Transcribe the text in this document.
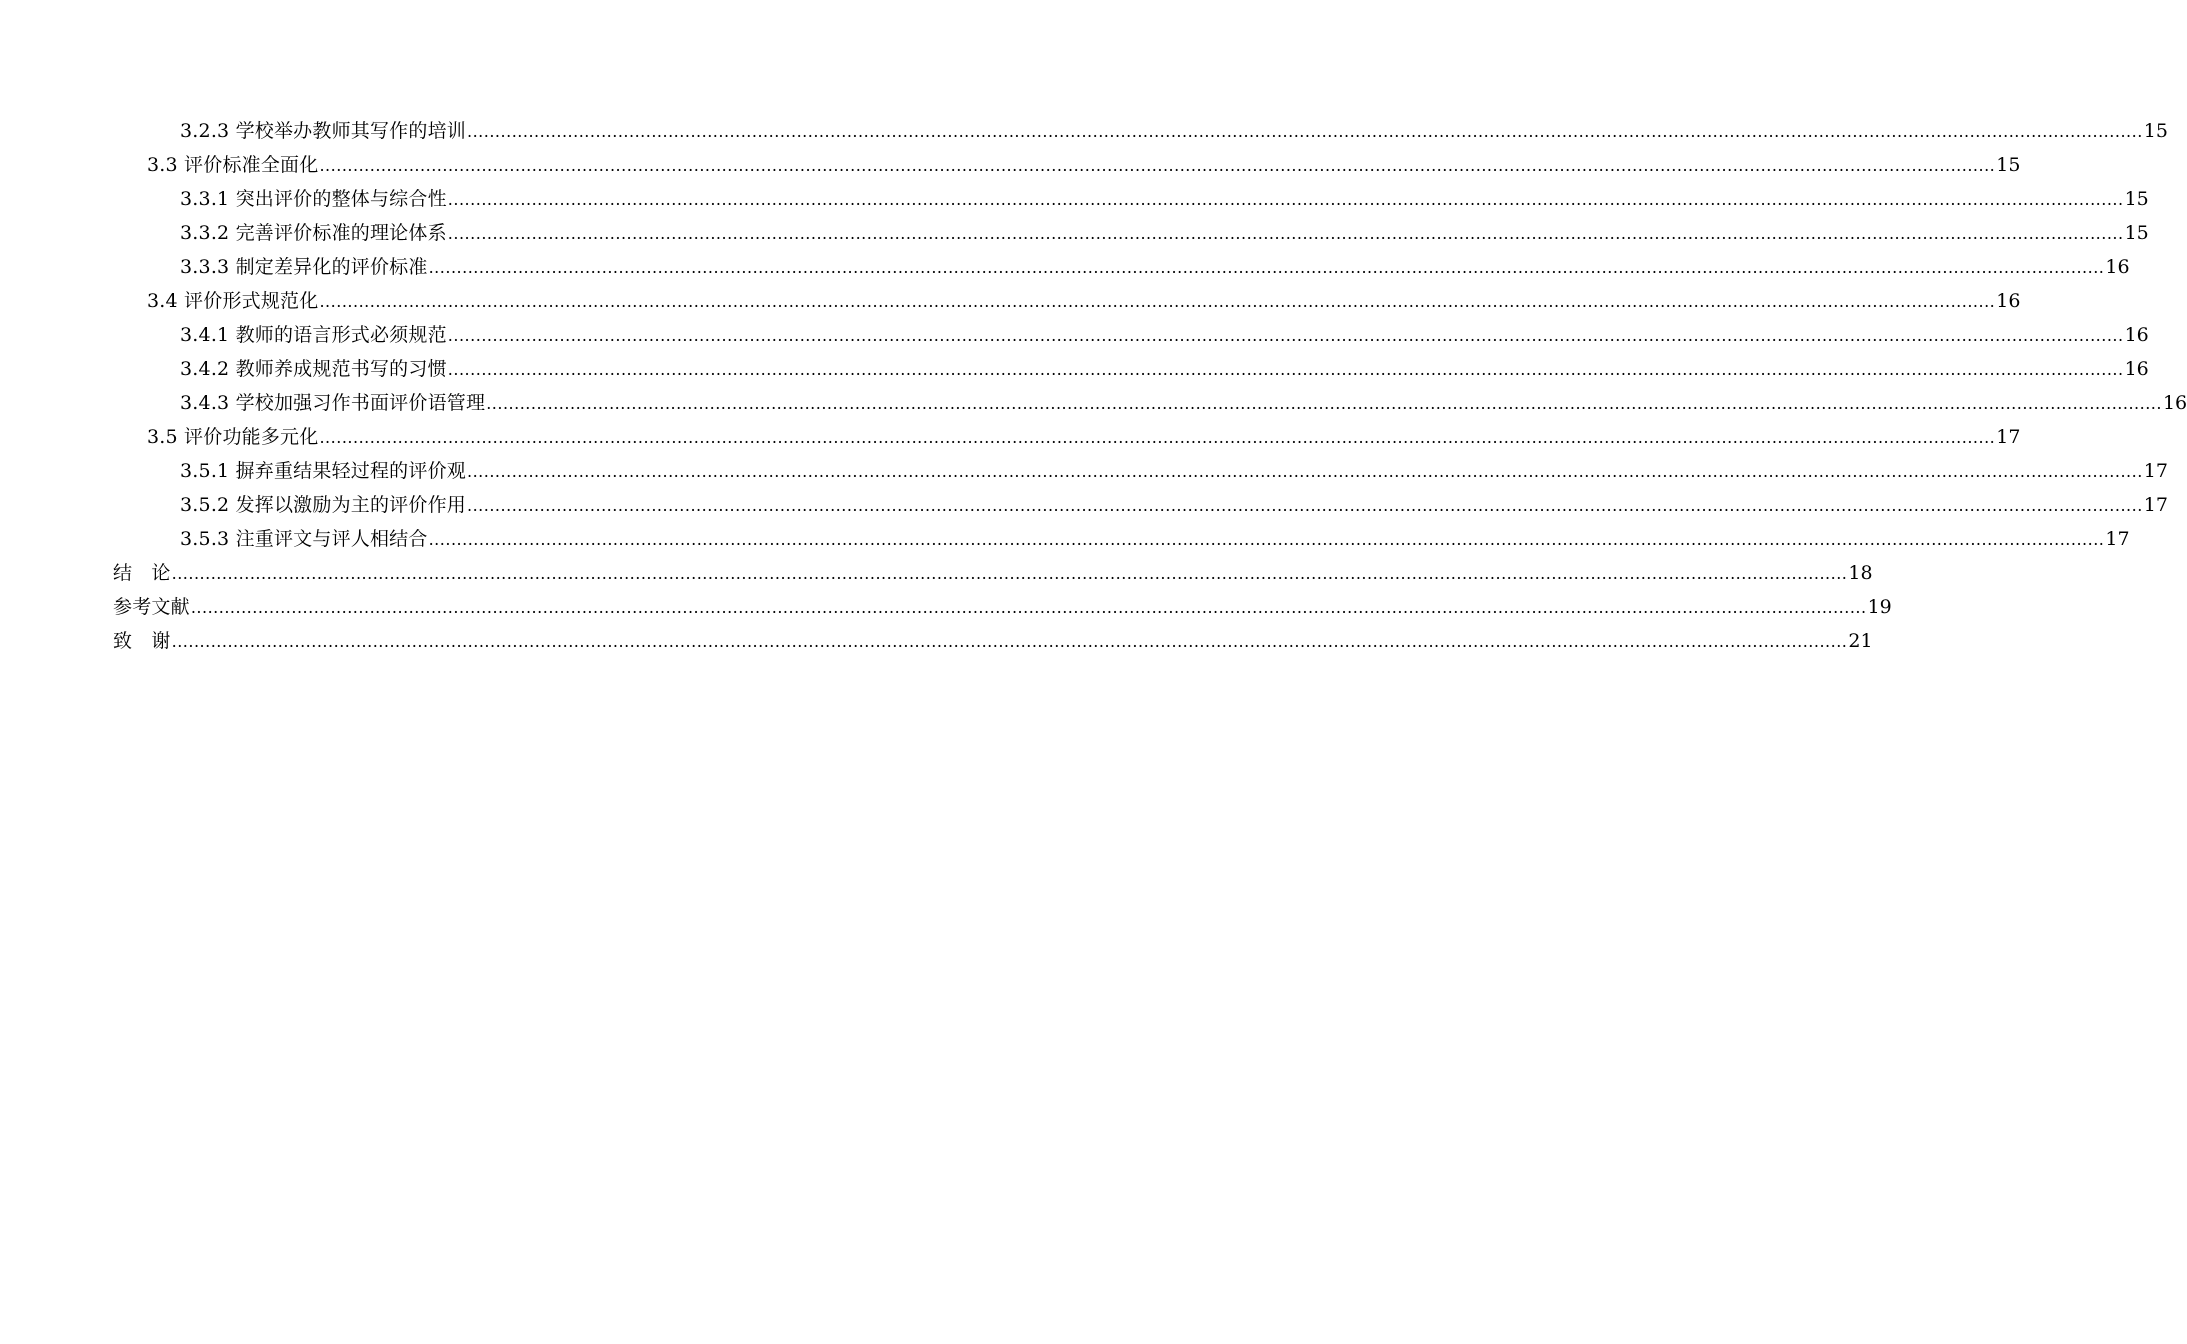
3.2.3 学校举办教师其写作的培训 ............................................................................................................................................................................................................................................................................................................ 15
3.3 评价标准全面化 ............................................................................................................................................................................................................................................................................................................ 15
3.3.1 突出评价的整体与综合性 ............................................................................................................................................................................................................................................................................................................ 15
3.3.2 完善评价标准的理论体系 ............................................................................................................................................................................................................................................................................................................ 15
3.3.3 制定差异化的评价标准 ............................................................................................................................................................................................................................................................................................................ 16
3.4 评价形式规范化 ............................................................................................................................................................................................................................................................................................................ 16
3.4.1 教师的语言形式必须规范 ............................................................................................................................................................................................................................................................................................................ 16
3.4.2 教师养成规范书写的习惯 ............................................................................................................................................................................................................................................................................................................ 16
3.4.3 学校加强习作书面评价语管理 ............................................................................................................................................................................................................................................................................................................ 16
3.5 评价功能多元化 ............................................................................................................................................................................................................................................................................................................ 17
3.5.1 摒弃重结果轻过程的评价观 ............................................................................................................................................................................................................................................................................................................ 17
3.5.2 发挥以激励为主的评价作用 ............................................................................................................................................................................................................................................................................................................ 17
3.5.3 注重评文与评人相结合 ............................................................................................................................................................................................................................................................................................................ 17
结　论 ............................................................................................................................................................................................................................................................................................................ 18
参考文献 ............................................................................................................................................................................................................................................................................................................ 19
致　谢 ............................................................................................................................................................................................................................................................................................................ 21
